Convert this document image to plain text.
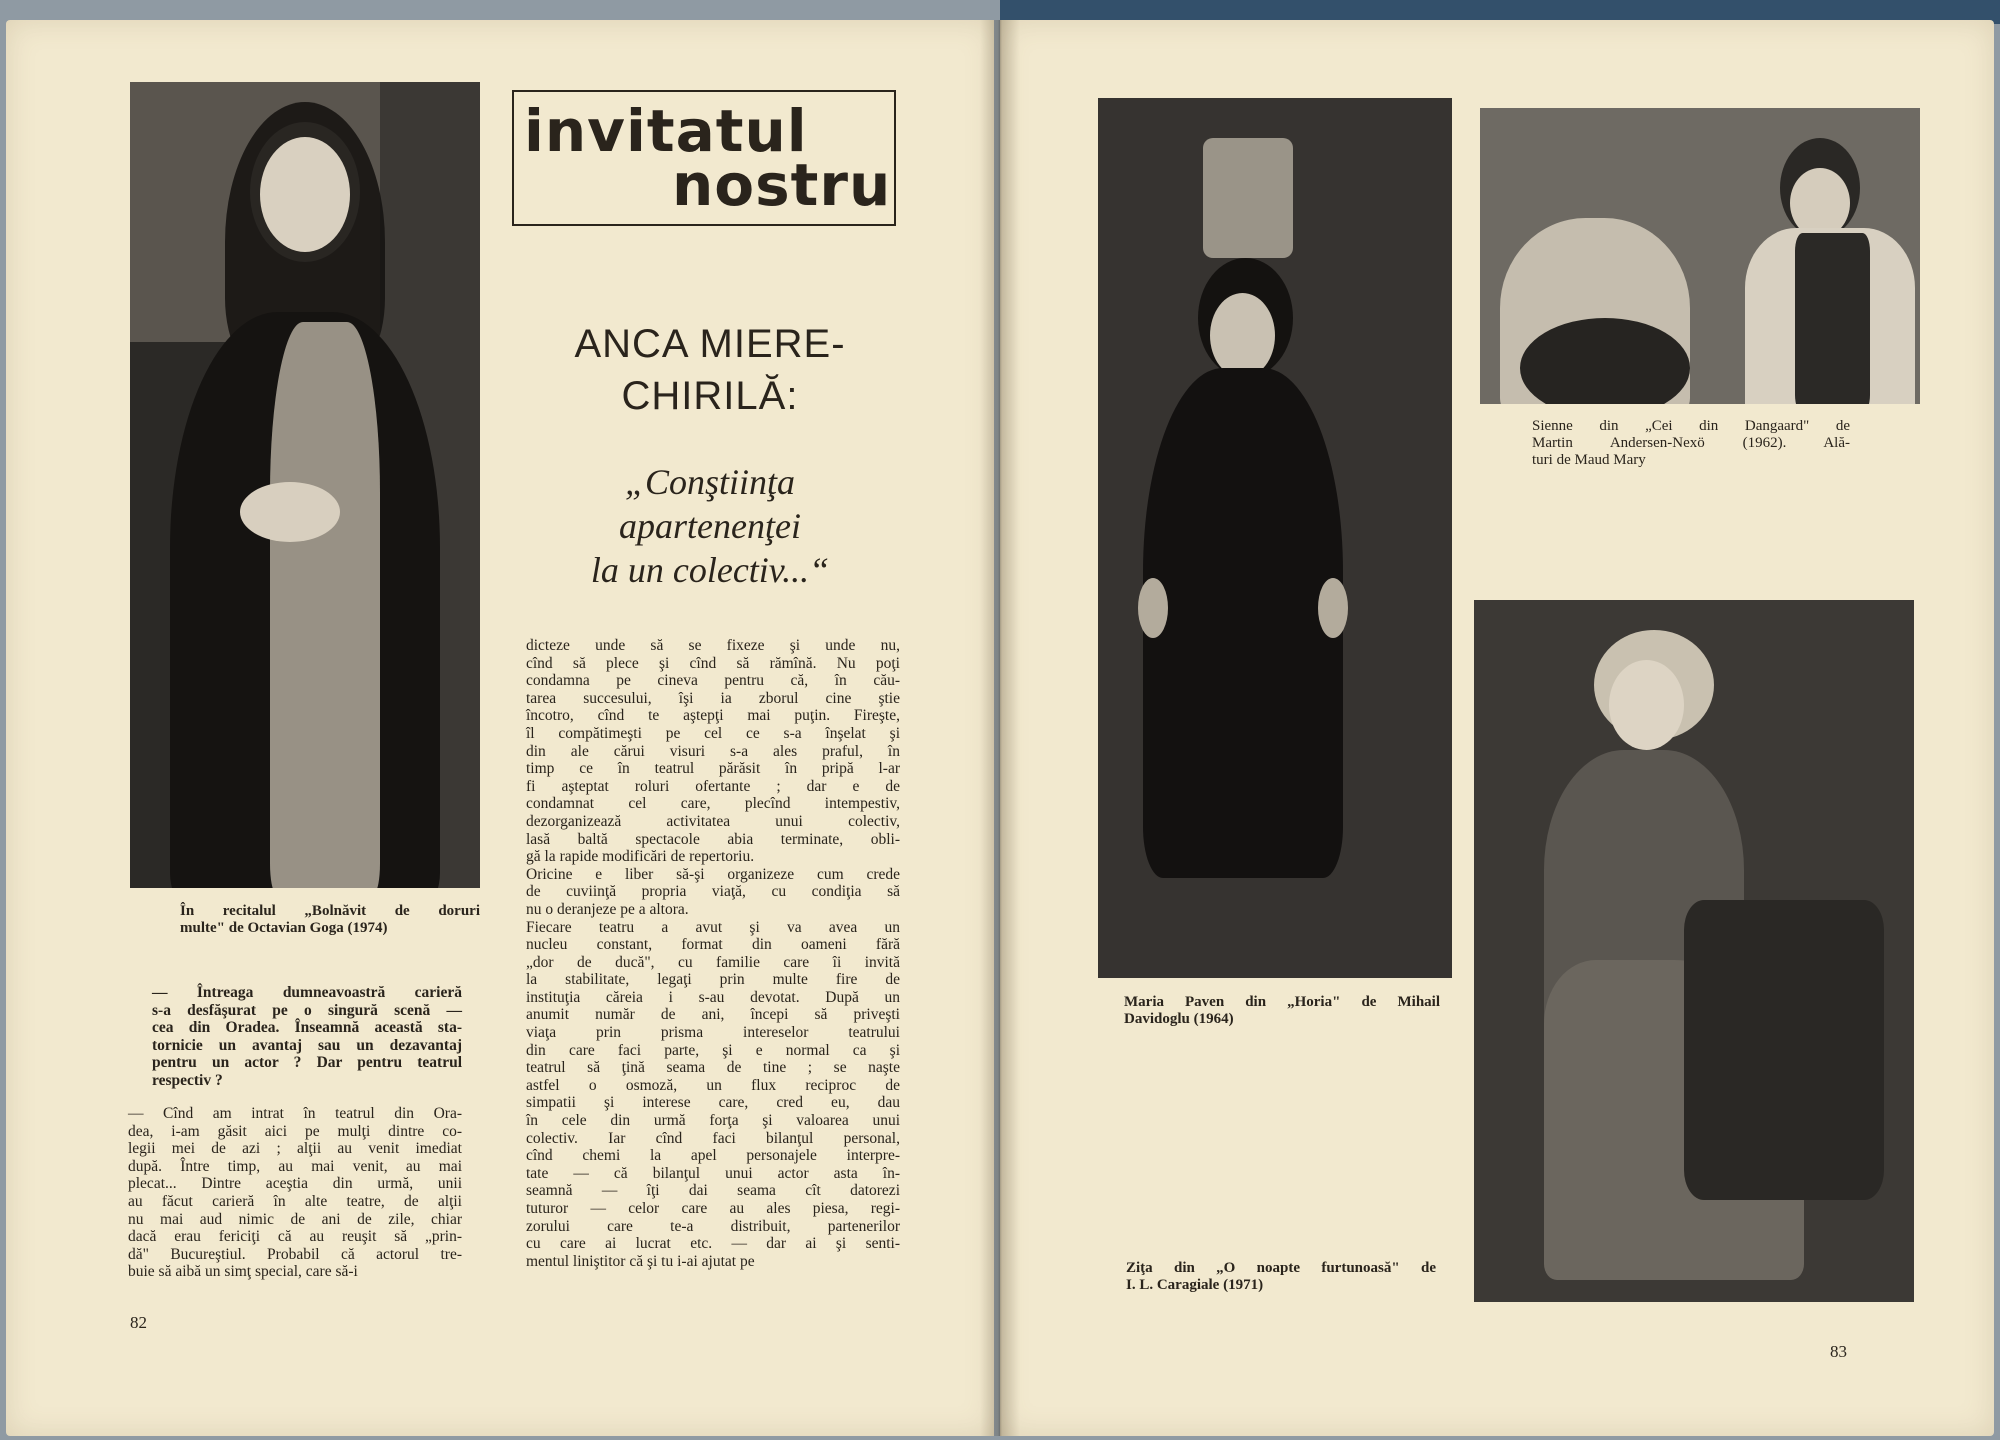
În recitalul „Bolnăvit de doruri
multe" de Octavian Goga (1974)
invitatul
nostru
ANCA MIERE-
CHIRILĂ:
„Conştiinţa
apartenenţei
la un colectiv...“
— Întreaga dumneavoastră carieră
s-a desfăşurat pe o singură scenă —
cea din Oradea. Înseamnă această sta-
tornicie un avantaj sau un dezavantaj
pentru un actor ? Dar pentru teatrul
respectiv ?
— Cînd am intrat în teatrul din Ora-
dea, i-am găsit aici pe mulţi dintre co-
legii mei de azi ; alţii au venit imediat
după. Între timp, au mai venit, au mai
plecat... Dintre aceştia din urmă, unii
au făcut carieră în alte teatre, de alţii
nu mai aud nimic de ani de zile, chiar
dacă erau fericiţi că au reuşit să „prin-
dă" Bucureştiul. Probabil că actorul tre-
buie să aibă un simţ special, care să-i
dicteze unde să se fixeze şi unde nu,
cînd să plece şi cînd să rămînă. Nu poţi
condamna pe cineva pentru că, în cău-
tarea succesului, îşi ia zborul cine ştie
încotro, cînd te aştepţi mai puţin. Fireşte,
îl compătimeşti pe cel ce s-a înşelat şi
din ale cărui visuri s-a ales praful, în
timp ce în teatrul părăsit în pripă l-ar
fi aşteptat roluri ofertante ; dar e de
condamnat cel care, plecînd intempestiv,
dezorganizează activitatea unui colectiv,
lasă baltă spectacole abia terminate, obli-
gă la rapide modificări de repertoriu.
Oricine e liber să-şi organizeze cum crede
de cuviinţă propria viaţă, cu condiţia să
nu o deranjeze pe a altora.
Fiecare teatru a avut şi va avea un
nucleu constant, format din oameni fără
„dor de ducă", cu familie care îi invită
la stabilitate, legaţi prin multe fire de
instituţia căreia i s-au devotat. După un
anumit număr de ani, începi să priveşti
viaţa prin prisma intereselor teatrului
din care faci parte, şi e normal ca şi
teatrul să ţină seama de tine ; se naşte
astfel o osmoză, un flux reciproc de
simpatii şi interese care, cred eu, dau
în cele din urmă forţa şi valoarea unui
colectiv. Iar cînd faci bilanţul personal,
cînd chemi la apel personajele interpre-
tate — că bilanţul unui actor asta în-
seamnă — îţi dai seama cît datorezi
tuturor — celor care au ales piesa, regi-
zorului care te-a distribuit, partenerilor
cu care ai lucrat etc. — dar ai şi senti-
mentul liniştitor că şi tu i-ai ajutat pe
82
Maria Paven din „Horia" de Mihail
Davidoglu (1964)
Sienne din „Cei din Dangaard" de
Martin Andersen-Nexö (1962). Ală-
turi de Maud Mary
Ziţa din „O noapte furtunoasă" de
I. L. Caragiale (1971)
83
